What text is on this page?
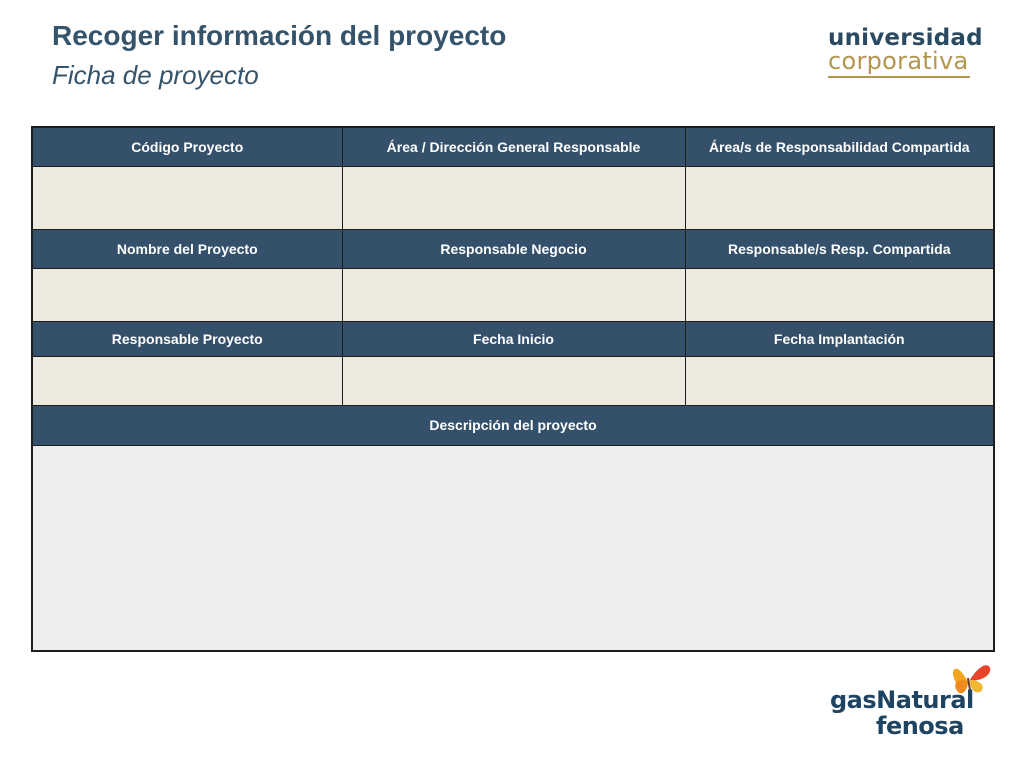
Recoger información del proyecto
Ficha de proyecto
universidad
corporativa
Código Proyecto	Área / Dirección General Responsable	Área/s de Responsabilidad Compartida

Nombre del Proyecto	Responsable Negocio	Responsable/s Resp. Compartida

Responsable Proyecto	Fecha Inicio	Fecha Implantación

Descripción del proyecto		

gasNatural
fenosa
